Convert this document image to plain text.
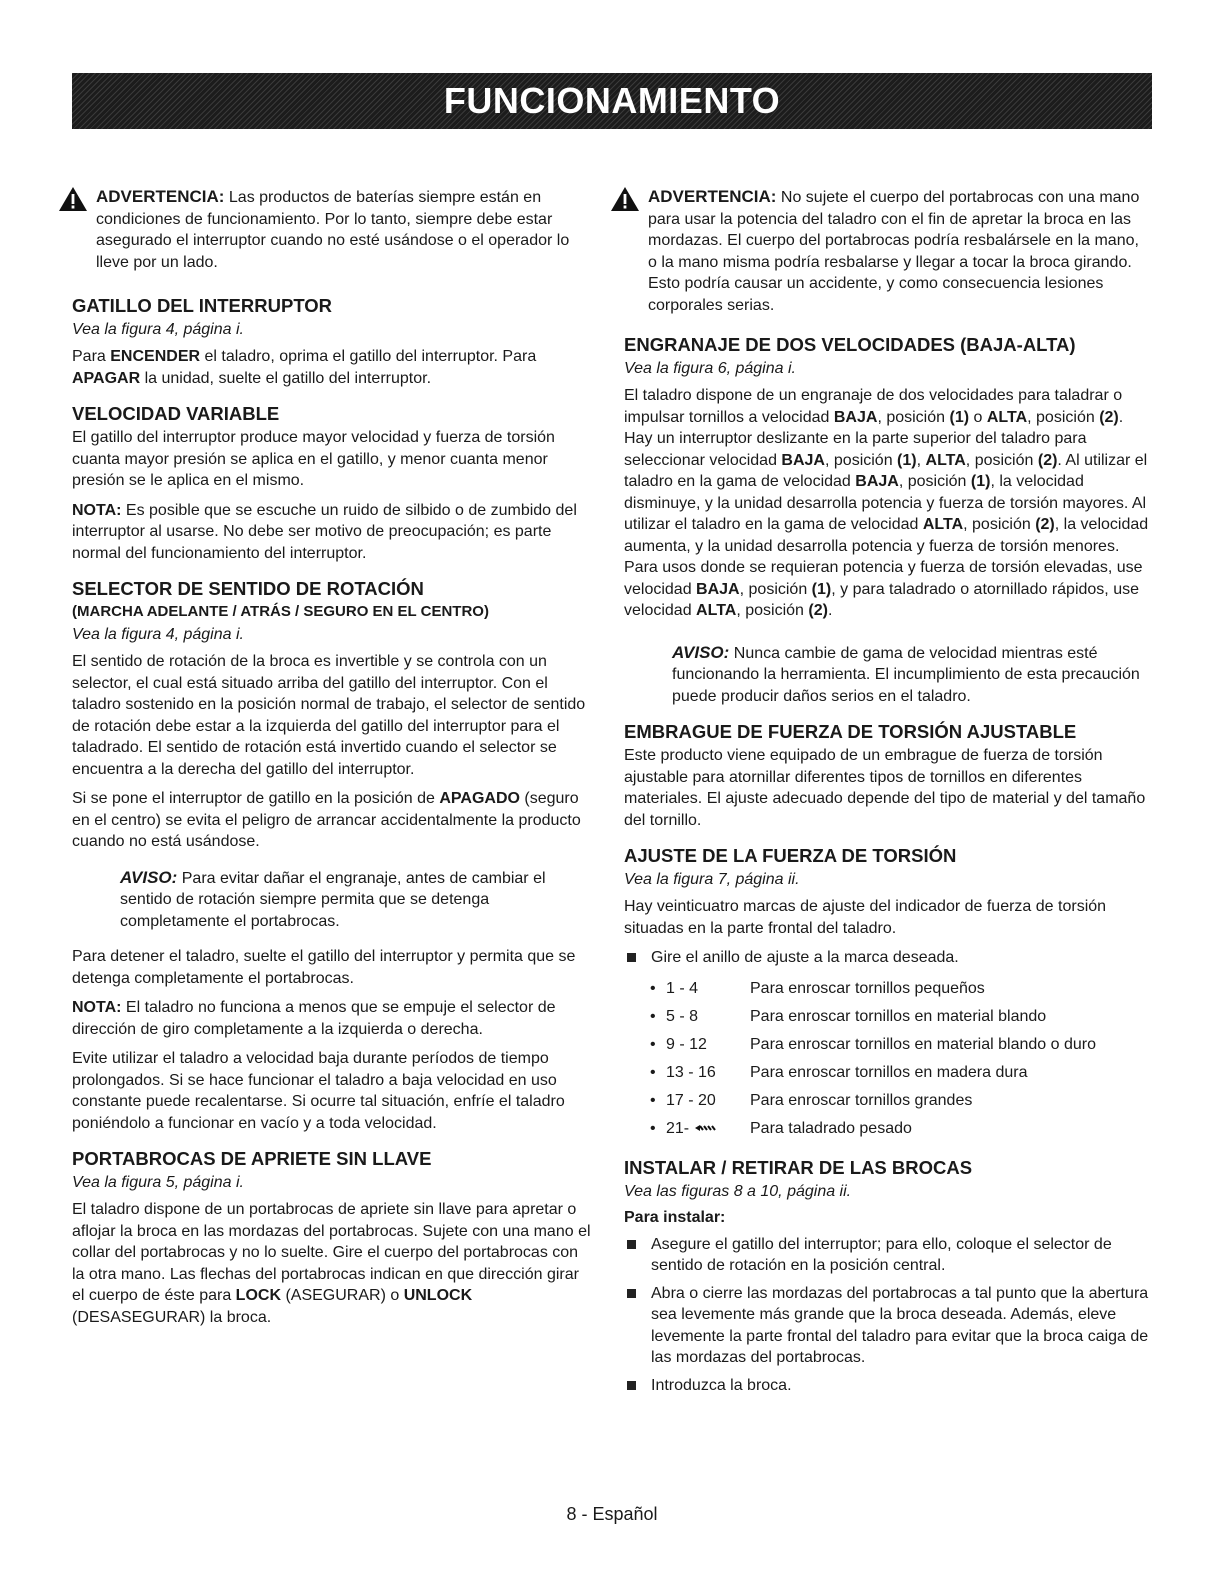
FUNCIONAMIENTO

ADVERTENCIA: Las productos de baterías siempre están en condiciones de funcionamiento. Por lo tanto, siempre debe estar asegurado el interruptor cuando no esté usándose o el operador lo lleve por un lado.

GATILLO DEL INTERRUPTOR

Vea la figura 4, página i.

Para ENCENDER el taladro, oprima el gatillo del interruptor. Para APAGAR la unidad, suelte el gatillo del interruptor.

VELOCIDAD VARIABLE

El gatillo del interruptor produce mayor velocidad y fuerza de torsión cuanta mayor presión se aplica en el gatillo, y menor cuanta menor presión se le aplica en el mismo.

NOTA: Es posible que se escuche un ruido de silbido o de zumbido del interruptor al usarse. No debe ser motivo de preocupación; es parte normal del funcionamiento del interruptor.

SELECTOR DE SENTIDO DE ROTACIÓN
(MARCHA ADELANTE / ATRÁS / SEGURO EN EL CENTRO)

Vea la figura 4, página i.

El sentido de rotación de la broca es invertible y se controla con un selector, el cual está situado arriba del gatillo del interruptor. Con el taladro sostenido en la posición normal de trabajo, el selector de sentido de rotación debe estar a la izquierda del gatillo del interruptor para el taladrado. El sentido de rotación está invertido cuando el selector se encuentra a la derecha del gatillo del interruptor.

Si se pone el interruptor de gatillo en la posición de APAGADO (seguro en el centro) se evita el peligro de arrancar accidentalmente la producto cuando no está usándose.

AVISO: Para evitar dañar el engranaje, antes de cambiar el sentido de rotación siempre permita que se detenga completamente el portabrocas.

Para detener el taladro, suelte el gatillo del interruptor y permita que se detenga completamente el portabrocas.

NOTA: El taladro no funciona a menos que se empuje el selector de dirección de giro completamente a la izquierda o derecha.

Evite utilizar el taladro a velocidad baja durante períodos de tiempo prolongados. Si se hace funcionar el taladro a baja velocidad en uso constante puede recalentarse. Si ocurre tal situación, enfríe el taladro poniéndolo a funcionar en vacío y a toda velocidad.

PORTABROCAS DE APRIETE SIN LLAVE

Vea la figura 5, página i.

El taladro dispone de un portabrocas de apriete sin llave para apretar o aflojar la broca en las mordazas del portabrocas. Sujete con una mano el collar del portabrocas y no lo suelte. Gire el cuerpo del portabrocas con la otra mano. Las flechas del portabrocas indican en que dirección girar el cuerpo de éste para LOCK (ASEGURAR) o UNLOCK (DESASEGURAR) la broca.

ADVERTENCIA: No sujete el cuerpo del portabrocas con una mano para usar la potencia del taladro con el fin de apretar la broca en las mordazas. El cuerpo del portabrocas podría resbalársele en la mano, o la mano misma podría resbalarse y llegar a tocar la broca girando. Esto podría causar un accidente, y como consecuencia lesiones corporales serias.

ENGRANAJE DE DOS VELOCIDADES (BAJA-ALTA)

Vea la figura 6, página i.

El taladro dispone de un engranaje de dos velocidades para taladrar o impulsar tornillos a velocidad BAJA, posición (1) o ALTA, posición (2). Hay un interruptor deslizante en la parte superior del taladro para seleccionar velocidad BAJA, posición (1), ALTA, posición (2). Al utilizar el taladro en la gama de velocidad BAJA, posición (1), la velocidad disminuye, y la unidad desarrolla potencia y fuerza de torsión mayores. Al utilizar el taladro en la gama de velocidad ALTA, posición (2), la velocidad aumenta, y la unidad desarrolla potencia y fuerza de torsión menores. Para usos donde se requieran potencia y fuerza de torsión elevadas, use velocidad BAJA, posición (1), y para taladrado o atornillado rápidos, use velocidad ALTA, posición (2).

AVISO: Nunca cambie de gama de velocidad mientras esté funcionando la herramienta. El incumplimiento de esta precaución puede producir daños serios en el taladro.

EMBRAGUE DE FUERZA DE TORSIÓN AJUSTABLE

Este producto viene equipado de un embrague de fuerza de torsión ajustable para atornillar diferentes tipos de tornillos en diferentes materiales. El ajuste adecuado depende del tipo de material y del tamaño del tornillo.

AJUSTE DE LA FUERZA DE TORSIÓN

Vea la figura 7, página ii.

Hay veinticuatro marcas de ajuste del indicador de fuerza de torsión situadas en la parte frontal del taladro.

Gire el anillo de ajuste a la marca deseada.
• 1 - 4	Para enroscar tornillos pequeños
• 5 - 8	Para enroscar tornillos en material blando
• 9 - 12	Para enroscar tornillos en material blando o duro
• 13 - 16	Para enroscar tornillos en madera dura
• 17 - 20	Para enroscar tornillos grandes
• 21-	Para taladrado pesado
INSTALAR / RETIRAR DE LAS BROCAS

Vea las figuras 8 a 10, página ii.

Para instalar:
Asegure el gatillo del interruptor; para ello, coloque el selector de sentido de rotación en la posición central.
Abra o cierre las mordazas del portabrocas a tal punto que la abertura sea levemente más grande que la broca deseada. Además, eleve levemente la parte frontal del taladro para evitar que la broca caiga de las mordazas del portabrocas.
Introduzca la broca.
8 - Español
